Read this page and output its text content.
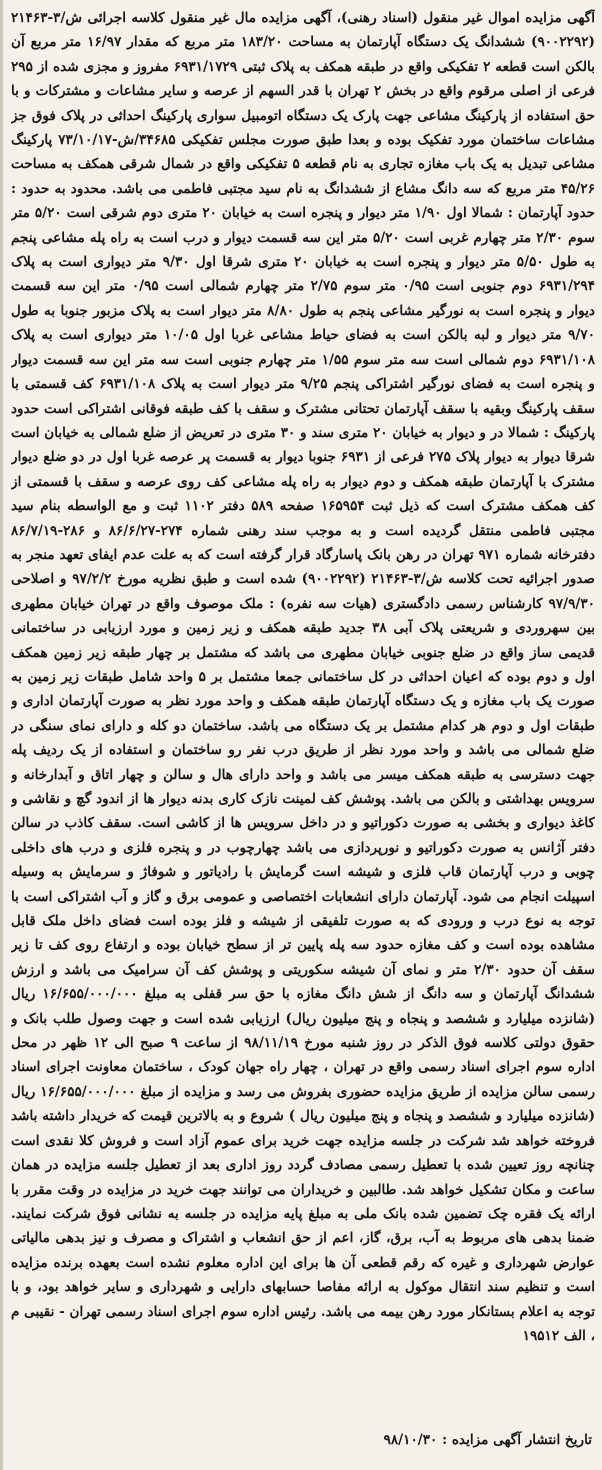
آگهی مزایده اموال غیر منقول (اسناد رهنی)، آگهی مزایده مال غیر منقول کلاسه اجرائی ش/۳-۲۱۴۶۳ (۹۰۰۲۲۹۲) ششدانگ یک دستگاه آپارتمان به مساحت ۱۸۳/۲۰ متر مربع که مقدار ۱۶/۹۷ متر مربع آن بالکن است قطعه ۲ تفکیکی واقع در طبقه همکف به پلاک ثبتی ۶۹۳۱/۱۷۲۹ مفروز و مجزی شده از ۲۹۵ فرعی از اصلی مرقوم واقع در بخش ۲ تهران با قدر السهم از عرصه و سایر مشاعات و مشترکات و با حق استفاده از پارکینگ مشاعی جهت پارک یک دستگاه اتومبیل سواری پارکینگ احداثی در پلاک فوق جز مشاعات ساختمان مورد تفکیک بوده و بعدا طبق صورت مجلس تفکیکی ۳۴۶۸۵/ش-۷۳/۱۰/۱۷ پارکینگ مشاعی تبدیل به یک باب مغازه تجاری به نام قطعه ۵ تفکیکی واقع در شمال شرقی همکف به مساحت ۴۵/۲۶ متر مربع که سه دانگ مشاع از ششدانگ به نام سید مجتبی فاطمی می باشد. محدود به حدود : حدود آپارتمان : شمالا اول ۱/۹۰ متر دیوار و پنجره است به خیابان ۲۰ متری دوم شرقی است ۵/۲۰ متر سوم ۲/۳۰ متر چهارم غربی است ۵/۲۰ متر این سه قسمت دیوار و درب است به راه پله مشاعی پنجم به طول ۵/۵۰ متر دیوار و پنجره است به خیابان ۲۰ متری شرقا اول ۹/۳۰ متر دیواری است به پلاک ۶۹۳۱/۲۹۴ دوم جنوبی است ۰/۹۵ متر سوم ۲/۷۵ متر چهارم شمالی است ۰/۹۵ متر این سه قسمت دیوار و پنجره است به نورگیر مشاعی پنجم به طول ۸/۸۰ متر دیوار است به پلاک مزبور جنوبا به طول ۹/۷۰ متر دیوار و لبه بالکن است به فضای حیاط مشاعی غربا اول ۱۰/۰۵ متر دیواری است به پلاک ۶۹۳۱/۱۰۸ دوم شمالی است سه متر سوم ۱/۵۵ متر چهارم جنوبی است سه متر این سه قسمت دیوار و پنجره است به فضای نورگیر اشتراکی پنجم ۹/۲۵ متر دیوار است به پلاک ۶۹۳۱/۱۰۸ کف قسمتی با سقف پارکینگ وبقیه با سقف آپارتمان تحتانی مشترک و سقف با کف طبقه فوقانی اشتراکی است حدود پارکینگ : شمالا در و دیوار به خیابان ۲۰ متری سند و ۳۰ متری در تعریض از ضلع شمالی به خیابان است شرقا دیوار به دیوار پلاک ۲۷۵ فرعی از ۶۹۳۱ جنوبا دیوار به قسمت پر عرصه غربا اول در دو ضلع دیوار مشترک با آپارتمان طبقه همکف و دوم دیوار به راه پله مشاعی کف روی عرصه و سقف با قسمتی از کف همکف مشترک است که ذیل ثبت ۱۶۵۹۵۴ صفحه ۵۸۹ دفتر ۱۱۰۲ ثبت و مع الواسطه بنام سید مجتبی فاطمی منتقل گردیده است و به موجب سند رهنی شماره ۲۷۴-۸۶/۶/۲۷ و ۲۸۶-۸۶/۷/۱۹ دفترخانه شماره ۹۷۱ تهران در رهن بانک پاسارگاد قرار گرفته است که به علت عدم ایفای تعهد منجر به صدور اجرائیه تحت کلاسه ش/۳-۲۱۴۶۳ (۹۰۰۲۲۹۲) شده است و طبق نظریه مورخ ۹۷/۲/۲ و اصلاحی ۹۷/۹/۳۰ کارشناس رسمی دادگستری (هیات سه نفره) : ملک موصوف واقع در تهران خیابان مطهری بین سهروردی و شریعتی پلاک آبی ۳۸ جدید طبقه همکف و زیر زمین و مورد ارزیابی در ساختمانی قدیمی ساز واقع در ضلع جنوبی خیابان مطهری می باشد که مشتمل بر چهار طبقه زیر زمین همکف اول و دوم بوده که اعیان احداثی در کل ساختمانی جمعا مشتمل بر ۵ واحد شامل طبقات زیر زمین به صورت یک باب مغازه و یک دستگاه آپارتمان طبقه همکف و واحد مورد نظر به صورت آپارتمان اداری و طبقات اول و دوم هر کدام مشتمل بر یک دستگاه می باشد. ساختمان دو کله و دارای نمای سنگی در ضلع شمالی می باشد و واحد مورد نظر از طریق درب نفر رو ساختمان و استفاده از یک ردیف پله جهت دسترسی به طبقه همکف میسر می باشد و واحد دارای هال و سالن و چهار اتاق و آبدارخانه و سرویس بهداشتی و بالکن می باشد. پوشش کف لمینت نازک کاری بدنه دیوار ها از اندود گچ و نقاشی و کاغذ دیواری و بخشی به صورت دکوراتیو و در داخل سرویس ها از کاشی است. سقف کاذب در سالن دفتر آژانس به صورت دکوراتیو و نورپردازی می باشد چهارچوب در و پنجره فلزی و درب های داخلی چوبی و درب آپارتمان قاب فلزی و شیشه است گرمایش با رادیاتور و شوفاژ و سرمایش به وسیله اسپیلت انجام می شود. آپارتمان دارای انشعابات اختصاصی و عمومی برق و گاز و آب اشتراکی است با توجه به نوع درب و ورودی که به صورت تلفیقی از شیشه و فلز بوده است فضای داخل ملک قابل مشاهده بوده است و کف مغازه حدود سه پله پایین تر از سطح خیابان بوده و ارتفاع روی کف تا زیر سقف آن حدود ۲/۳۰ متر و نمای آن شیشه سکوریتی و پوشش کف آن سرامیک می باشد و ارزش ششدانگ آپارتمان و سه دانگ از شش دانگ مغازه با حق سر قفلی به مبلغ ۱۶/۶۵۵/۰۰۰/۰۰۰ ریال (شانزده میلیارد و ششصد و پنجاه و پنج میلیون ریال) ارزیابی شده است و جهت وصول طلب بانک و حقوق دولتی کلاسه فوق الذکر در روز شنبه مورخ ۹۸/۱۱/۱۹ از ساعت ۹ صبح الی ۱۲ ظهر در محل اداره سوم اجرای اسناد رسمی واقع در تهران ، چهار راه جهان کودک ، ساختمان معاونت اجرای اسناد رسمی سالن مزایده از طریق مزایده حضوری بفروش می رسد و مزایده از مبلغ ۱۶/۶۵۵/۰۰۰/۰۰۰ ریال (شانزده میلیارد و ششصد و پنجاه و پنج میلیون ریال ) شروع و به بالاترین قیمت که خریدار داشته باشد فروخته خواهد شد شرکت در جلسه مزایده جهت خرید برای عموم آزاد است و فروش کلا نقدی است چنانچه روز تعیین شده با تعطیل رسمی مصادف گردد روز اداری بعد از تعطیل جلسه مزایده در همان ساعت و مکان تشکیل خواهد شد. طالبین و خریداران می توانند جهت خرید در مزایده در وقت مقرر با ارائه یک فقره چک تضمین شده بانک ملی به مبلغ پایه مزایده در جلسه به نشانی فوق شرکت نمایند. ضمنا بدهی های مربوط به آب، برق، گاز، اعم از حق انشعاب و اشتراک و مصرف و نیز بدهی مالیاتی عوارض شهرداری و غیره که رقم قطعی آن ها برای این اداره معلوم نشده است بعهده برنده مزایده است و تنظیم سند انتقال موکول به ارائه مفاصا حسابهای دارایی و شهرداری و سایر خواهد بود، و با توجه به اعلام بستانکار مورد رهن بیمه می باشد. رئیس اداره سوم اجرای اسناد رسمی تهران - نقیبی م ، الف ۱۹۵۱۲
تاریخ انتشار آگهی مزایده : ۹۸/۱۰/۳۰
